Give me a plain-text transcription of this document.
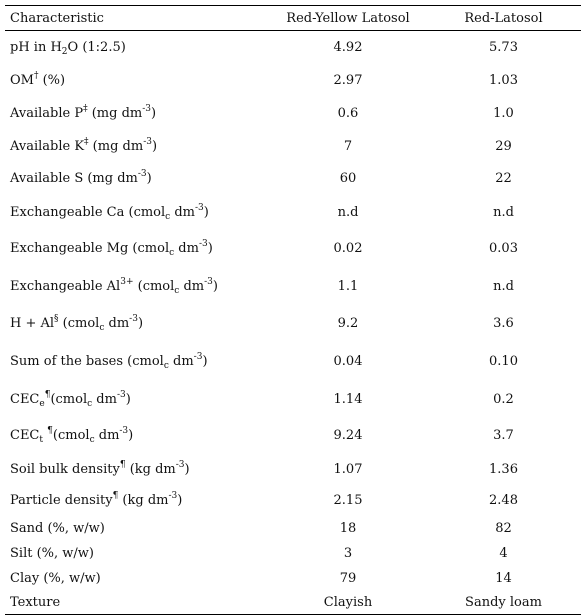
Characteristic	Red-Yellow Latosol	Red-Latosol
pH in $H_2O$ (1:2.5)	4.92	5.73
OM† (%)	2.97	1.03
Available P‡ (mg $dm^{-3}$)	0.6	1.0
Available K‡ (mg $dm^{-3}$)	7	29
Available S (mg $dm^{-3}$)	60	22
Exchangeable Ca (cmol$_c$ $dm^{-3}$)	n.d	n.d
Exchangeable Mg (cmol$_c$ $dm^{-3}$)	0.02	0.03
Exchangeable $Al^{3+}$ (cmol$_c$ $dm^{-3}$)	1.1	n.d
H + Al§ (cmol$_c$ $dm^{-3}$)	9.2	3.6
Sum of the bases (cmol$_c$ $dm^{-3}$)	0.04	0.10
$CEC_e^\P(cmol_c$ $dm^{-3}$)	1.14	0.2
$CEC_t$ ¶(cmol$_c$ $dm^{-3}$)	9.24	3.7
Soil bulk density¶ (kg $dm^{-3}$)	1.07	1.36
Particle density¶ (kg $dm^{-3}$)	2.15	2.48
Sand (%, w/w)	18	82
Silt (%, w/w)	3	4
Clay (%, w/w)	79	14
Texture	Clayish	Sandy loam
